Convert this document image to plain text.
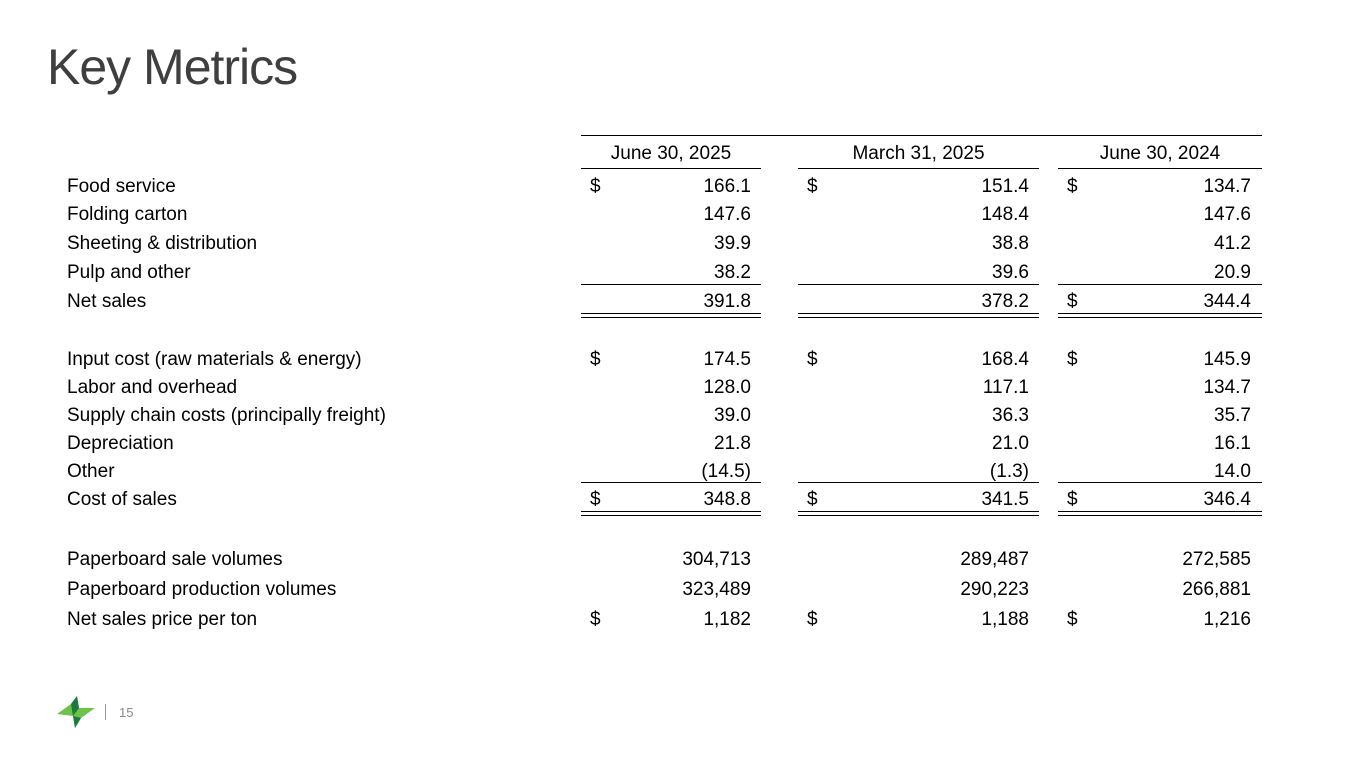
Key Metrics
June 30, 2025	March 31, 2025	June 30, 2024
Food service	$	166.1	$	151.4 $	134.7
Folding carton	147.6	148.4	147.6
Sheeting & distribution	39.9	38.8	41.2
Pulp and other	38.2	39.6	20.9
Net sales	391.8	378.2 $	344.4
Input cost (raw materials & energy)	$	174.5	$	168.4 $	145.9
Labor and overhead	128.0	117.1	134.7
Supply chain costs (principally freight)	39.0	36.3	35.7
Depreciation	21.8	21.0	16.1
Other	(14.5)	(1.3)	14.0
Cost of sales	$	348.8	$	341.5 $	346.4
Paperboard sale volumes	304,713	289,487	272,585
Paperboard production volumes	323,489	290,223	266,881
Net sales price per ton	$	1,182	$	1,188 $	1,216
15
